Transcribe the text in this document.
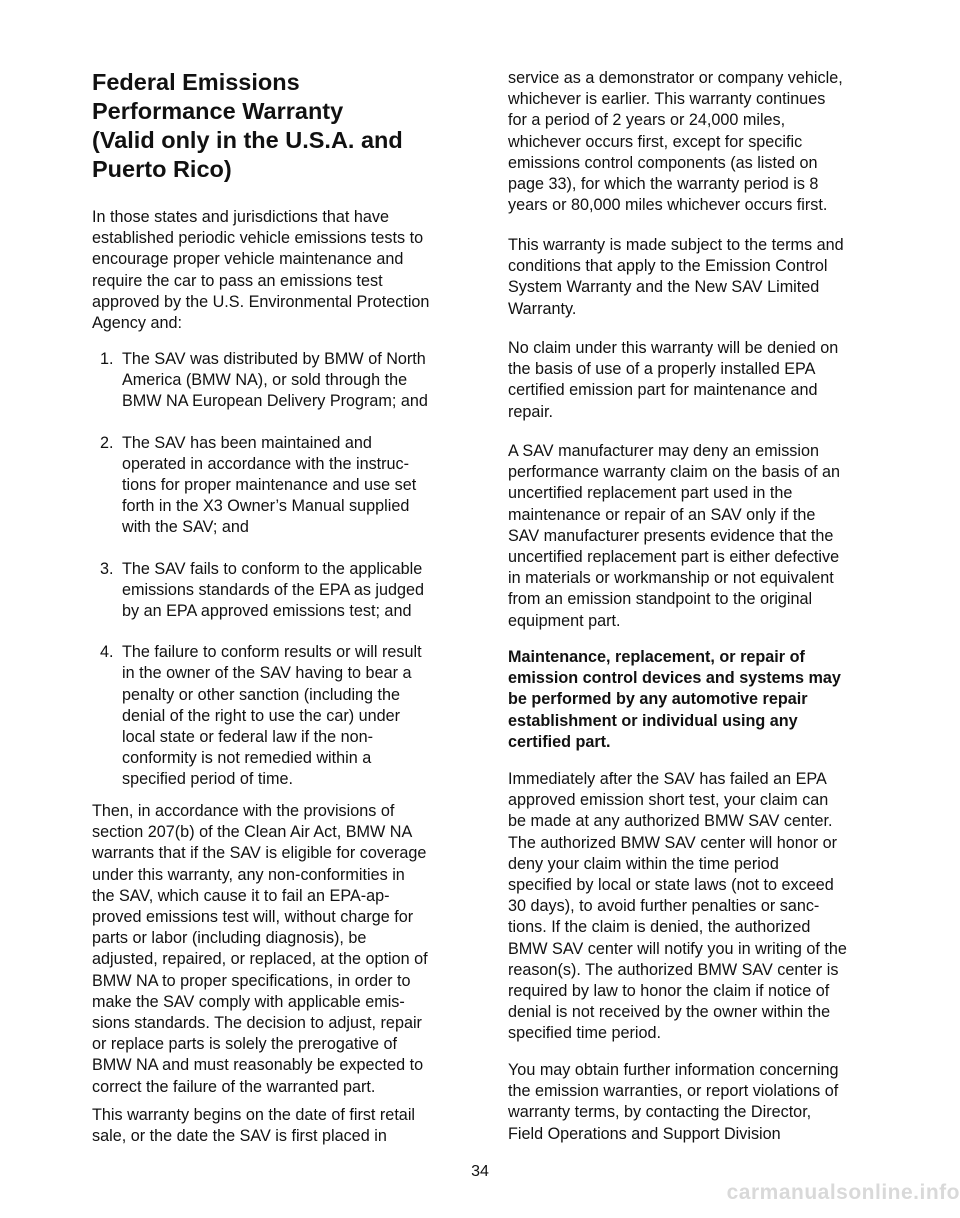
Federal Emissions
Performance Warranty
(Valid only in the U.S.A. and
Puerto Rico)

In those states and jurisdictions that have
established periodic vehicle emissions tests to
encourage proper vehicle maintenance and
require the car to pass an emissions test
approved by the U.S. Environmental Protection
Agency and:

1. The SAV was distributed by BMW of North
America (BMW NA), or sold through the
BMW NA European Delivery Program; and
2. The SAV has been maintained and
operated in accordance with the instruc-
tions for proper maintenance and use set
forth in the X3 Owner’s Manual supplied
with the SAV; and
3. The SAV fails to conform to the applicable
emissions standards of the EPA as judged
by an EPA approved emissions test; and
4. The failure to conform results or will result
in the owner of the SAV having to bear a
penalty or other sanction (including the
denial of the right to use the car) under
local state or federal law if the non-
conformity is not remedied within a
specified period of time.

Then, in accordance with the provisions of
section 207(b) of the Clean Air Act, BMW NA
warrants that if the SAV is eligible for coverage
under this warranty, any non-conformities in
the SAV, which cause it to fail an EPA-ap-
proved emissions test will, without charge for
parts or labor (including diagnosis), be
adjusted, repaired, or replaced, at the option of
BMW NA to proper specifications, in order to
make the SAV comply with applicable emis-
sions standards. The decision to adjust, repair
or replace parts is solely the prerogative of
BMW NA and must reasonably be expected to
correct the failure of the warranted part.

This warranty begins on the date of first retail
sale, or the date the SAV is first placed in

service as a demonstrator or company vehicle,
whichever is earlier. This warranty continues
for a period of 2 years or 24,000 miles,
whichever occurs first, except for specific
emissions control components (as listed on
page 33), for which the warranty period is 8
years or 80,000 miles whichever occurs first.

This warranty is made subject to the terms and
conditions that apply to the Emission Control
System Warranty and the New SAV Limited
Warranty.

No claim under this warranty will be denied on
the basis of use of a properly installed EPA
certified emission part for maintenance and
repair.

A SAV manufacturer may deny an emission
performance warranty claim on the basis of an
uncertified replacement part used in the
maintenance or repair of an SAV only if the
SAV manufacturer presents evidence that the
uncertified replacement part is either defective
in materials or workmanship or not equivalent
from an emission standpoint to the original
equipment part.

Maintenance, replacement, or repair of
emission control devices and systems may
be performed by any automotive repair
establishment or individual using any
certified part.

Immediately after the SAV has failed an EPA
approved emission short test, your claim can
be made at any authorized BMW SAV center.
The authorized BMW SAV center will honor or
deny your claim within the time period
specified by local or state laws (not to exceed
30 days), to avoid further penalties or sanc-
tions. If the claim is denied, the authorized
BMW SAV center will notify you in writing of the
reason(s). The authorized BMW SAV center is
required by law to honor the claim if notice of
denial is not received by the owner within the
specified time period.

You may obtain further information concerning
the emission warranties, or report violations of
warranty terms, by contacting the Director,
Field Operations and Support Division

34
carmanualsonline.info
